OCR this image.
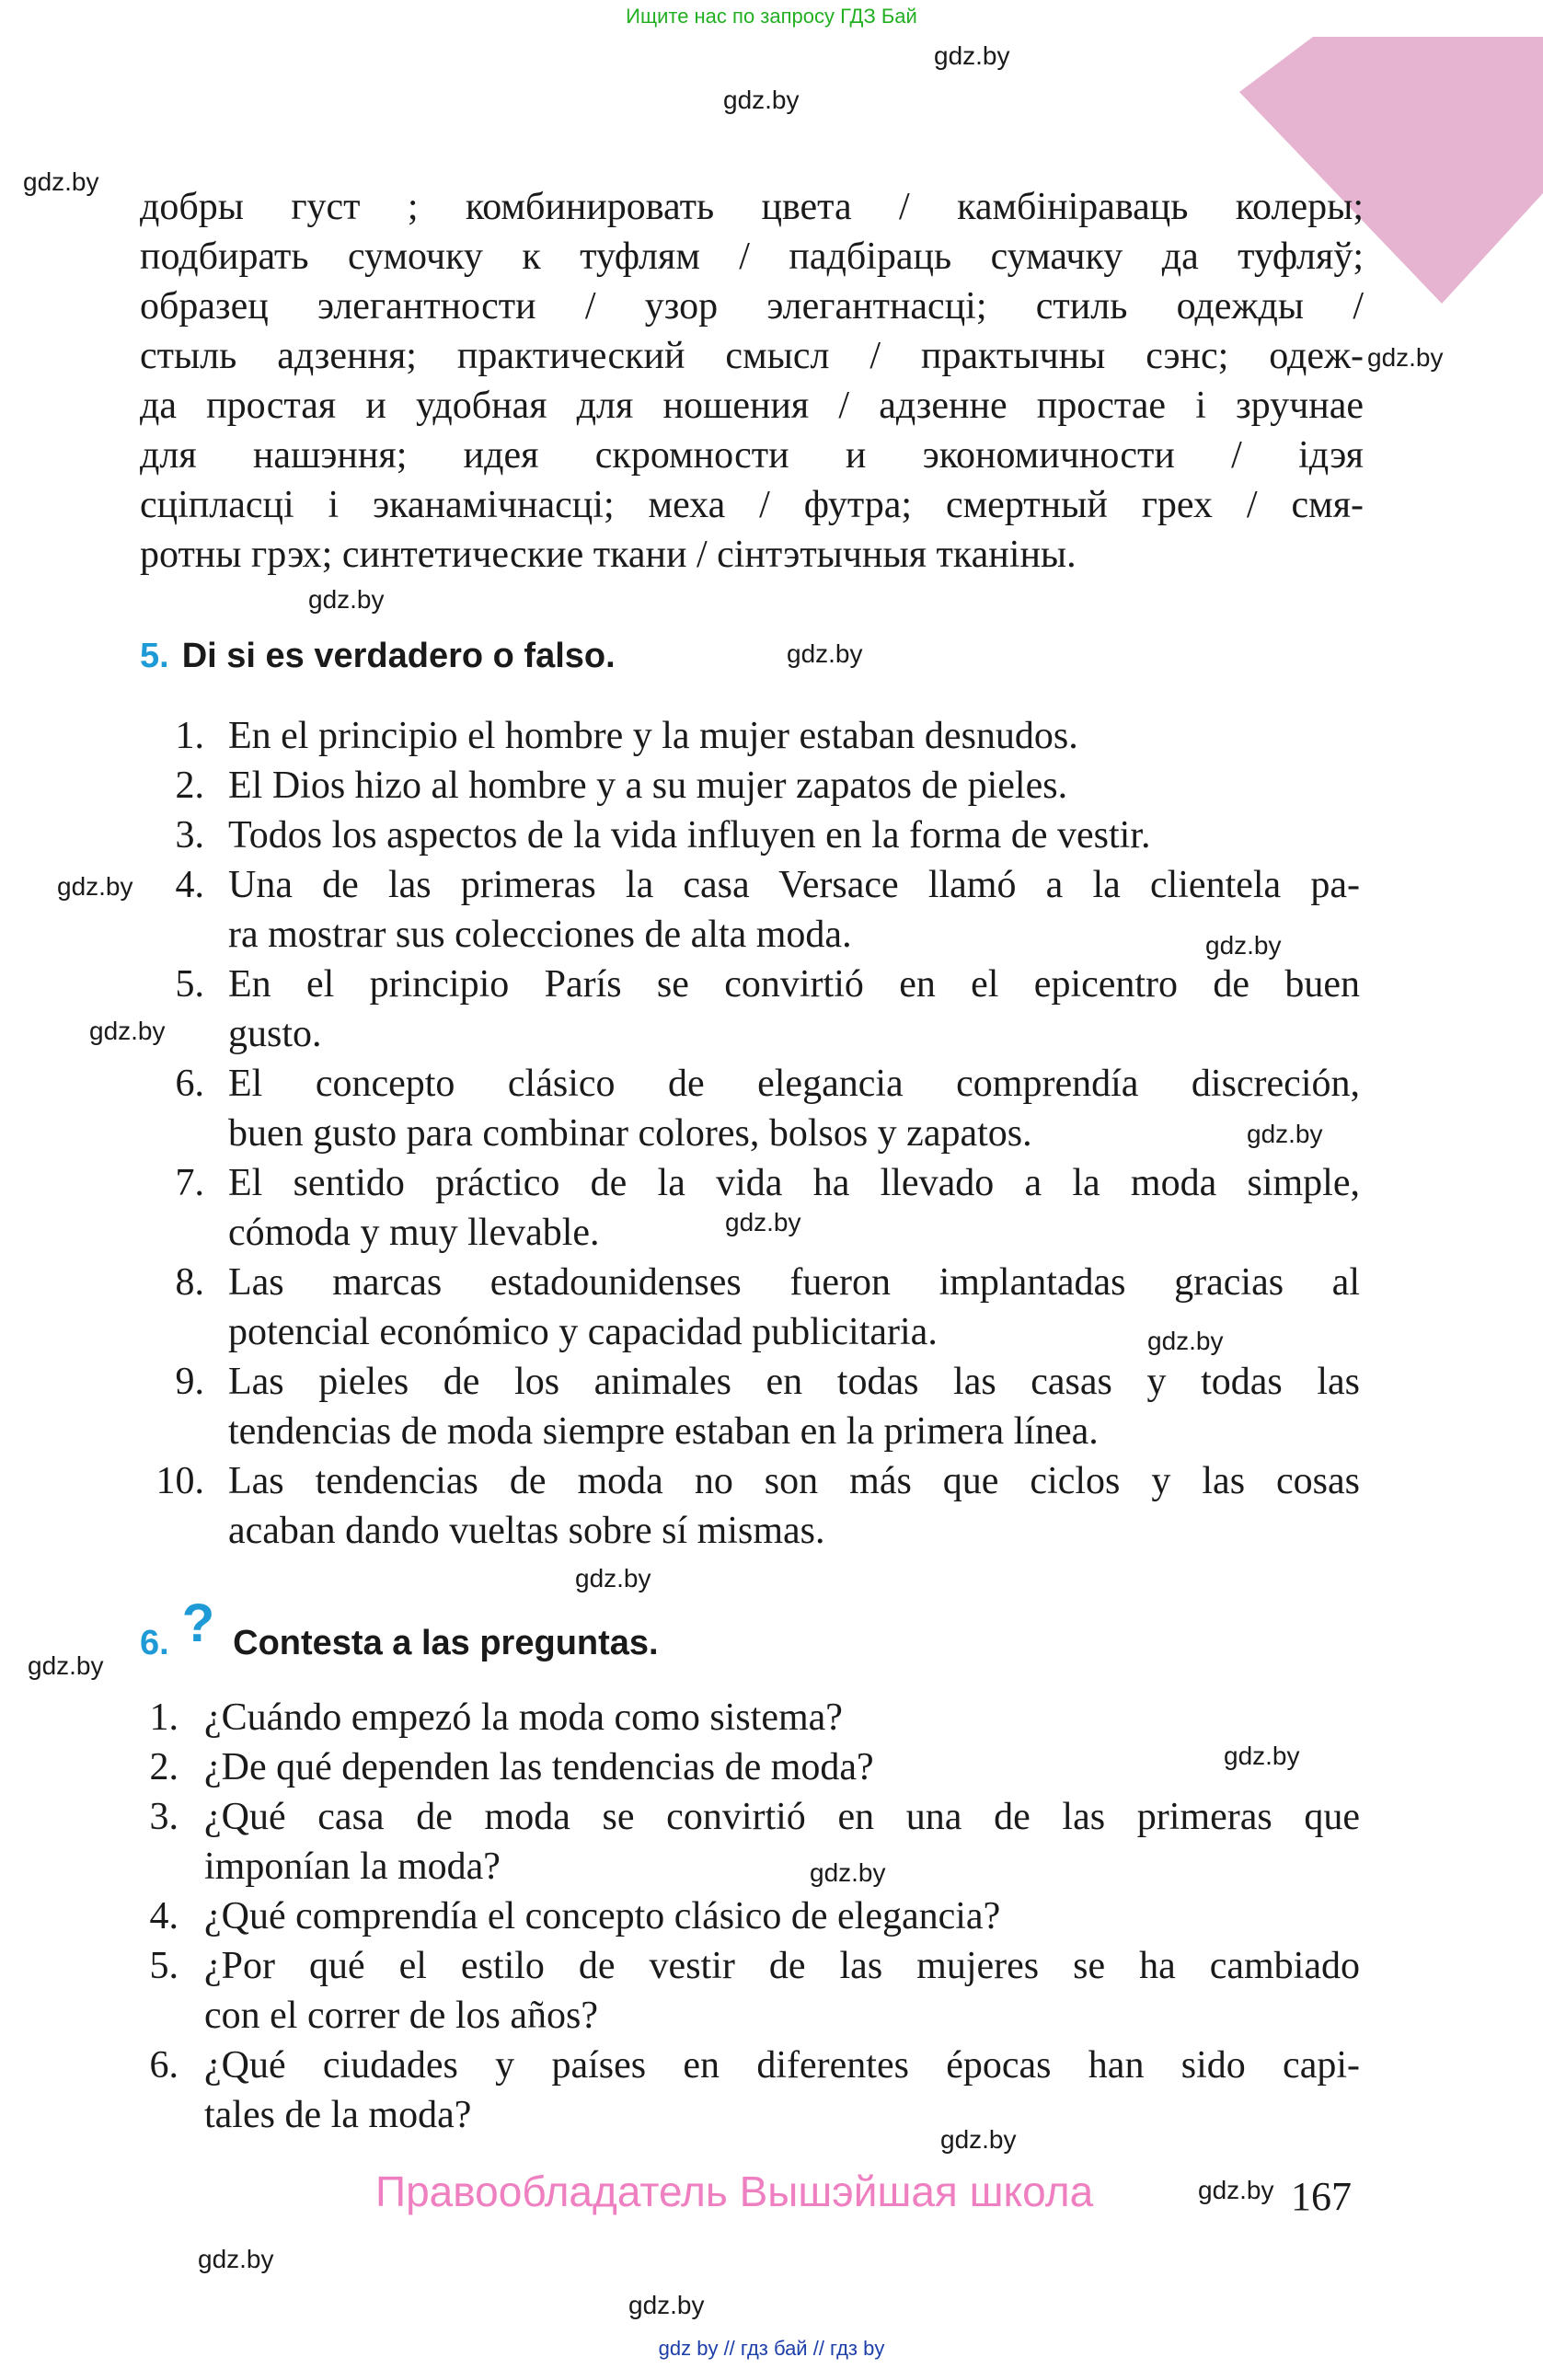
Ищите нас по запросу ГДЗ Бай
gdz.by
gdz.by
gdz.by
gdz.by
gdz.by
gdz.by
gdz.by
gdz.by
gdz.by
gdz.by
gdz.by
gdz.by
gdz.by
gdz.by
gdz.by
gdz.by
gdz.by
gdz.by
gdz.by
gdz.by
добры густ ; комбинировать цвета / камбініраваць колеры;
подбирать сумочку к туфлям / падбіраць сумачку да туфляў;
образец элегантности / узор элегантнасці; стиль одежды /
стыль адзення; практический смысл / практычны сэнс; одеж-
да простая и удобная для ношения / адзенне простае і зручнае
для нашэння; идея скромности и экономичности / ідэя
сціпласці і эканамічнасці; меха / футра; смертный грех / смя-
ротны грэх; синтетические ткани / сінтэтычныя тканіны.
5. Di si es verdadero o falso.
1. En el principio el hombre y la mujer estaban desnudos.
2. El Dios hizo al hombre y a su mujer zapatos de pieles.
3. Todos los aspectos de la vida influyen en la forma de vestir.
4. Una de las primeras la casa Versace llamó a la clientela pa-
ra mostrar sus colecciones de alta moda.
5. En el principio París se convirtió en el epicentro de buen
gusto.
6. El concepto clásico de elegancia comprendía discreción,
buen gusto para combinar colores, bolsos y zapatos.
7. El sentido práctico de la vida ha llevado a la moda simple,
cómoda y muy llevable.
8. Las marcas estadounidenses fueron implantadas gracias al
potencial económico y capacidad publicitaria.
9. Las pieles de los animales en todas las casas y todas las
tendencias de moda siempre estaban en la primera línea.
10. Las tendencias de moda no son más que ciclos y las cosas
acaban dando vueltas sobre sí mismas.
6. ? Contesta a las preguntas.
1. ¿Cuándo empezó la moda como sistema?
2. ¿De qué dependen las tendencias de moda?
3. ¿Qué casa de moda se convirtió en una de las primeras que
imponían la moda?
4. ¿Qué comprendía el concepto clásico de elegancia?
5. ¿Por qué el estilo de vestir de las mujeres se ha cambiado
con el correr de los años?
6. ¿Qué ciudades y países en diferentes épocas han sido capi-
tales de la moda?
Правообладатель Вышэйшая школа	167
gdz by // гдз бай // гдз by
